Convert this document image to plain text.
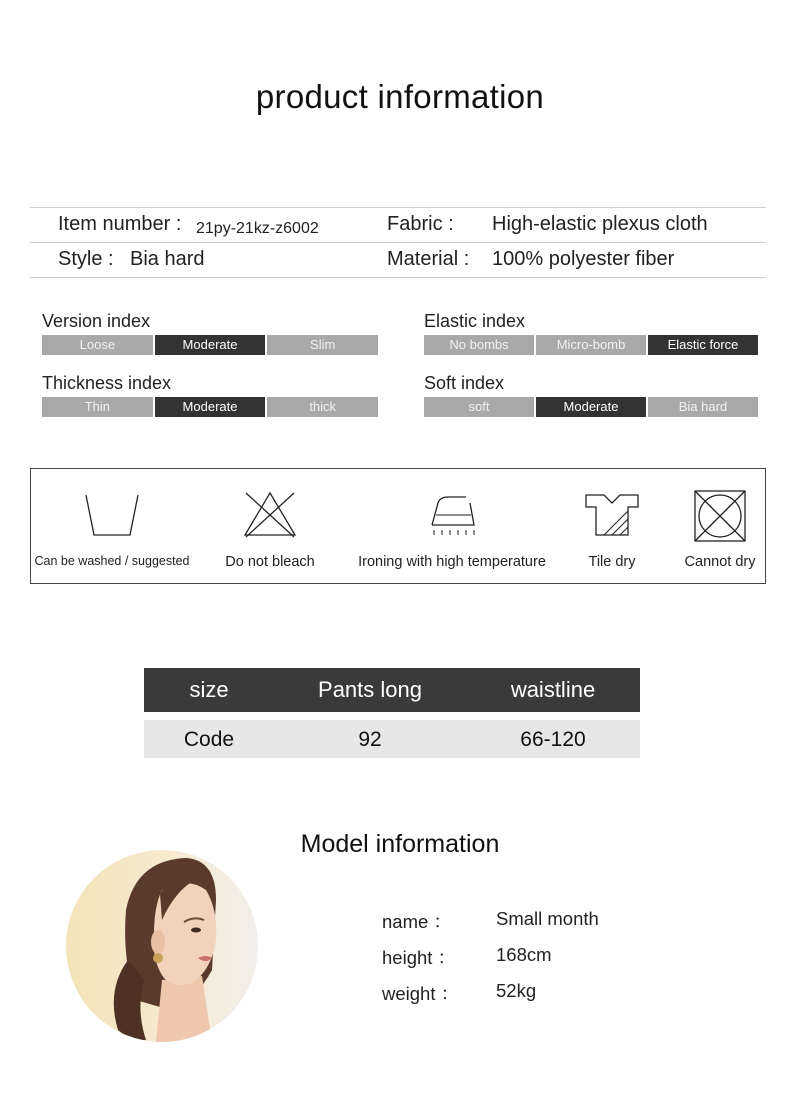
product information
Item number : 21py-21kz-z6002	Fabric : High-elastic plexus cloth
Style : Bia hard	Material : 100% polyester fiber
Version index
Loose	Moderate	Slim
Elastic index
No bombs	Micro-bomb	Elastic force
Thickness index
Thin	Moderate	thick
Soft index
soft	Moderate	Bia hard
Can be washed / suggested	Do not bleach	Ironing with high temperature	Tile dry	Cannot dry
size	Pants long	waistline
Code	92	66-120
Model information
name ： Small month
height ： 168cm
weight ： 52kg
